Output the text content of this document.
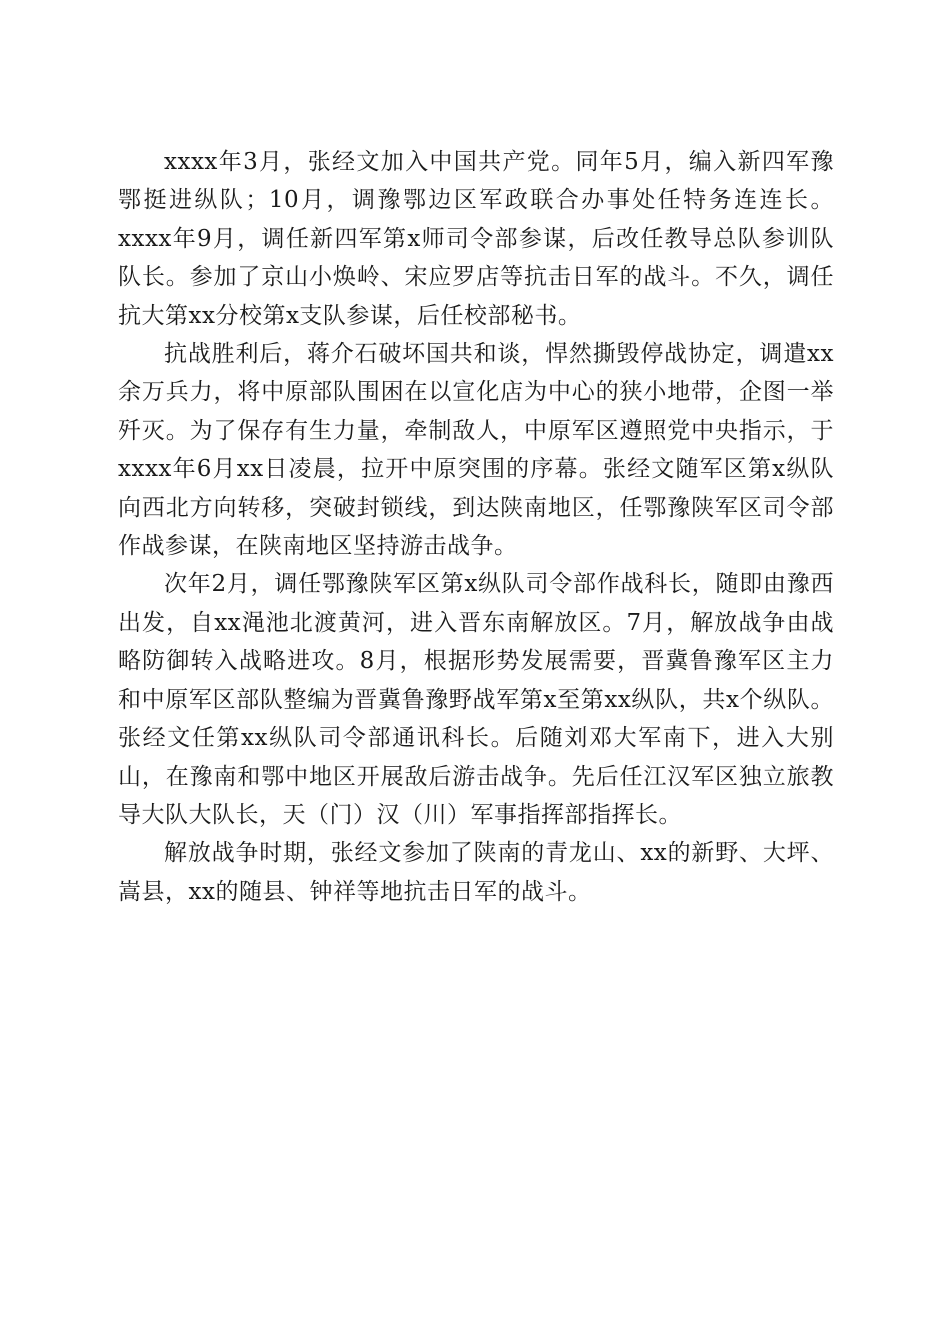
xxxx年3月，张经文加入中国共产党。同年5月，编入新四军豫鄂挺进纵队；10月，调豫鄂边区军政联合办事处任特务连连长。xxxx年9月，调任新四军第x师司令部参谋，后改任教导总队参训队队长。参加了京山小焕岭、宋应罗店等抗击日军的战斗。不久，调任抗大第xx分校第x支队参谋，后任校部秘书。

抗战胜利后，蒋介石破坏国共和谈，悍然撕毁停战协定，调遣xx余万兵力，将中原部队围困在以宣化店为中心的狭小地带，企图一举歼灭。为了保存有生力量，牵制敌人，中原军区遵照党中央指示，于xxxx年6月xx日凌晨，拉开中原突围的序幕。张经文随军区第x纵队向西北方向转移，突破封锁线，到达陕南地区，任鄂豫陕军区司令部作战参谋，在陕南地区坚持游击战争。

次年2月，调任鄂豫陕军区第x纵队司令部作战科长，随即由豫西出发，自xx渑池北渡黄河，进入晋东南解放区。7月，解放战争由战略防御转入战略进攻。8月，根据形势发展需要，晋冀鲁豫军区主力和中原军区部队整编为晋冀鲁豫野战军第x至第xx纵队，共x个纵队。张经文任第xx纵队司令部通讯科长。后随刘邓大军南下，进入大别山，在豫南和鄂中地区开展敌后游击战争。先后任江汉军区独立旅教导大队大队长，天（门）汉（川）军事指挥部指挥长。

解放战争时期，张经文参加了陕南的青龙山、xx的新野、大坪、嵩县，xx的随县、钟祥等地抗击日军的战斗。
